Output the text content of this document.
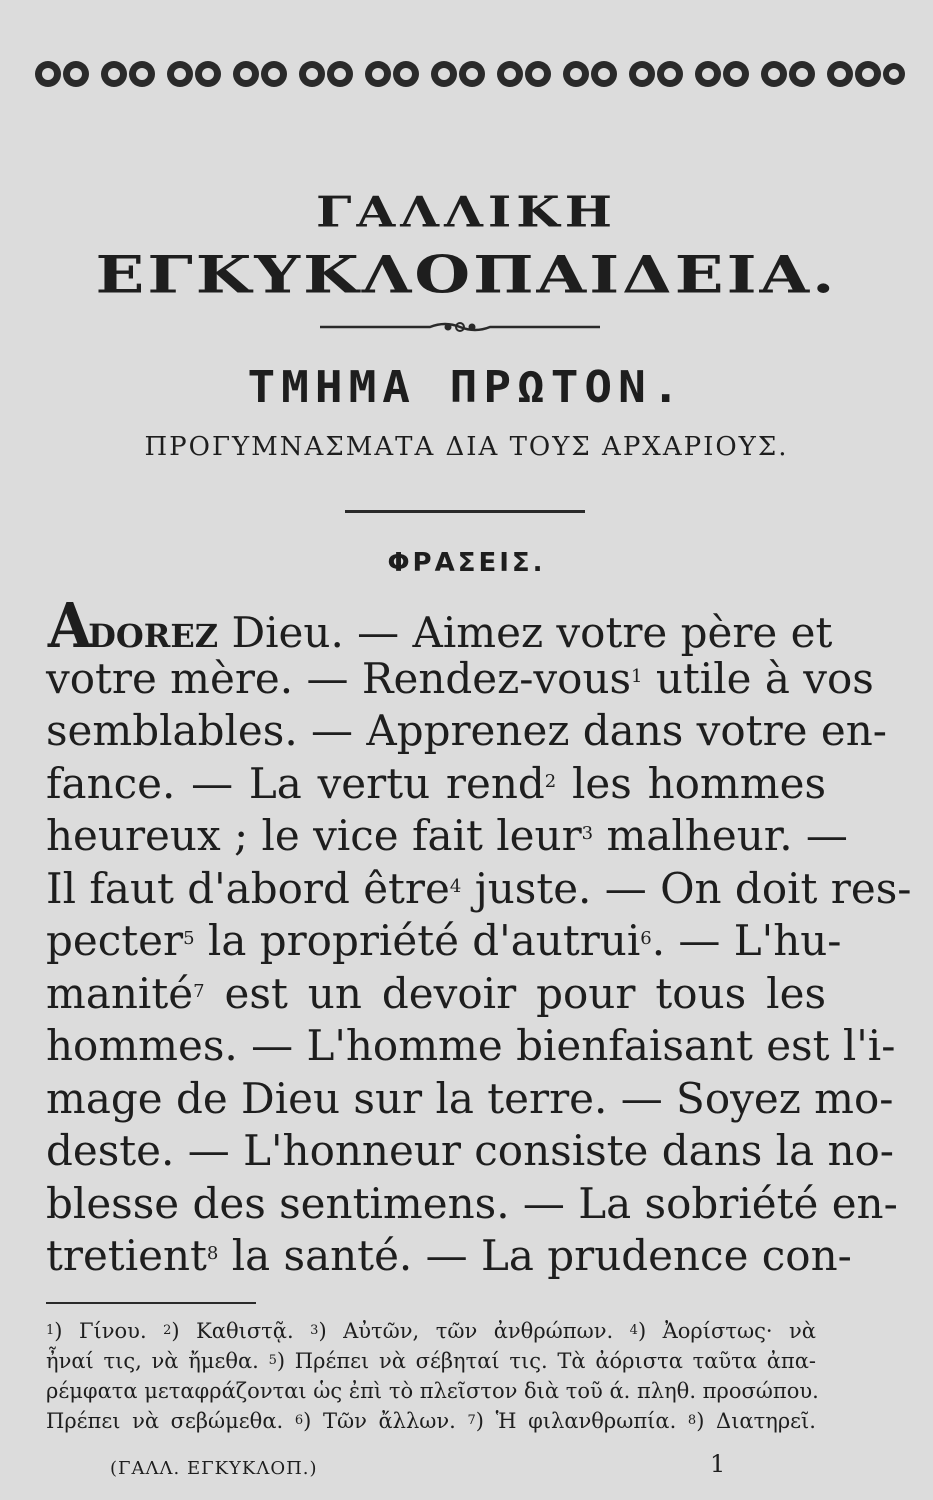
ΓΑΛΛΙΚΗ
ΕΓΚΥΚΛΟΠΑΙΔΕΙΑ.
ΤΜΗΜΑ ΠΡΩΤΟΝ.
ΠΡΟΓΥΜΝΑΣΜΑΤΑ ΔΙΑ ΤΟΥΣ ΑΡΧΑΡΙΟΥΣ.
ΦΡΑΣΕΙΣ.
ADOREZ Dieu. — Aimez votre père et
votre mère. — Rendez-vous$^1$ utile à vos
semblables. — Apprenez dans votre en-
fance. — La vertu rend$^2$ les hommes
heureux ; le vice fait leur$^3$ malheur. —
Il faut d'abord être$^4$ juste. — On doit res-
pecter$^5$ la propriété d'autrui$^6$. — L'hu-
manité$^7$ est un devoir pour tous les
hommes. — L'homme bienfaisant est l'i-
mage de Dieu sur la terre. — Soyez mo-
deste. — L'honneur consiste dans la no-
blesse des sentimens. — La sobriété en-
tretient$^8$ la santé. — La prudence con-
$^1$) Γίνου. $^2$) Καθιστᾷ. $^3$) Αὐτῶν, τῶν ἀνθρώπων. $^4$) Ἀορίστως· νὰ
ἦναί τις, νὰ ἤμεθα. $^5$) Πρέπει νὰ σέβηταί τις. Τὰ ἀόριστα ταῦτα ἀπα-
ρέμφατα μεταφράζονται ὡς ἐπὶ τὸ πλεῖστον διὰ τοῦ ά. πληθ. προσώπου.
Πρέπει νὰ σεβώμεθα. $^6$) Τῶν ἄλλων. $^7$) Ἡ φιλανθρωπία. $^8$) Διατηρεῖ.
(ΓΑΛΛ. ΕΓΚΥΚΛΟΠ.)	1
